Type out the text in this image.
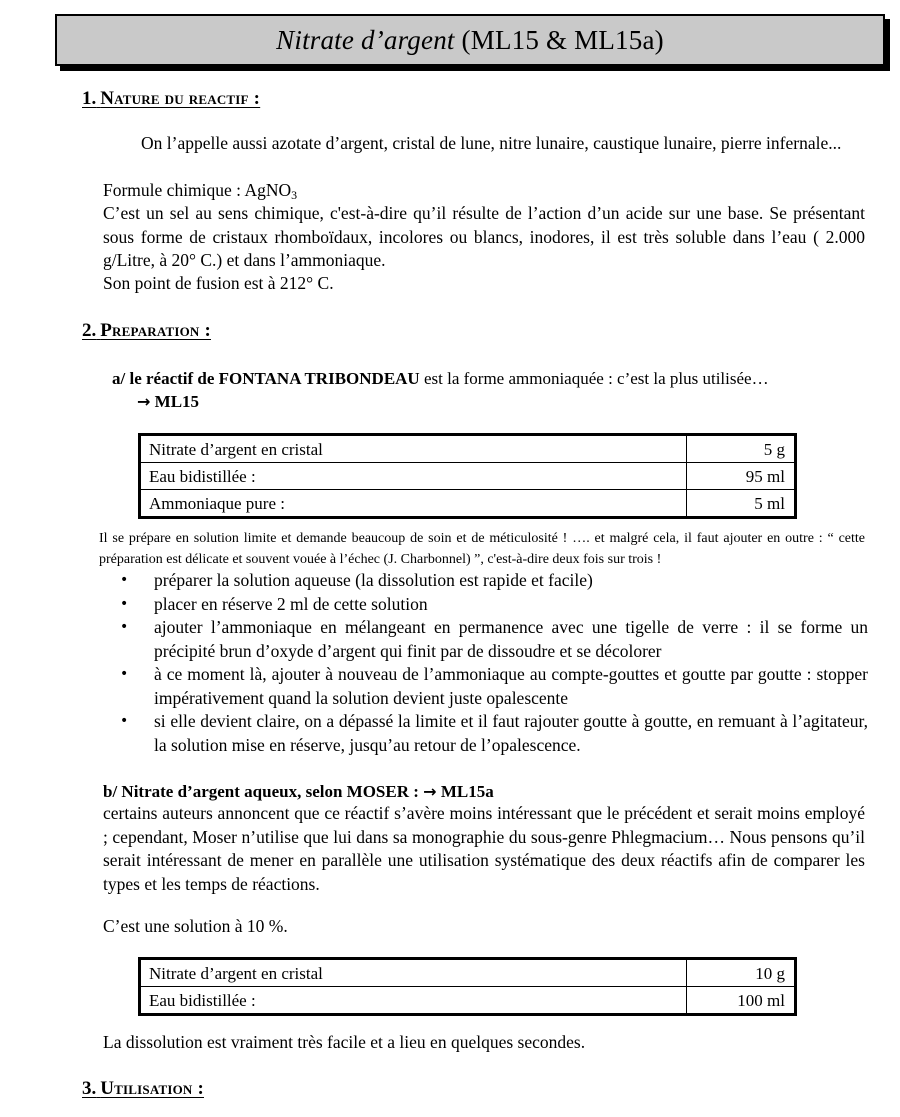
Nitrate d’argent (ML15 & ML15a)
1. Nature du reactif :
On l’appelle aussi azotate d’argent, cristal de lune, nitre lunaire, caustique lunaire, pierre infernale...
Formule chimique : AgNO$_3$
C’est un sel au sens chimique, c'est-à-dire qu’il résulte de l’action d’un acide sur une base. Se présentant sous forme de cristaux rhomboïdaux, incolores ou blancs, inodores, il est très soluble dans l’eau ( 2.000 g/Litre, à 20° C.) et dans l’ammoniaque.
Son point de fusion est à 212° C.
2. Preparation :
a/ le réactif de FONTANA TRIBONDEAU est la forme ammoniaquée : c’est la plus utilisée…
→ ML15
Nitrate d’argent en cristal	5 g
Eau bidistillée :	95 ml
Ammoniaque pure :	5 ml
Il se prépare en solution limite et demande beaucoup de soin et de méticulosité ! …. et malgré cela, il faut ajouter en outre : “ cette préparation est délicate et souvent vouée à l’échec (J. Charbonnel) ”, c'est-à-dire deux fois sur trois !
• préparer la solution aqueuse (la dissolution est rapide et facile)
• placer en réserve 2 ml de cette solution
• ajouter l’ammoniaque en mélangeant en permanence avec une tigelle de verre : il se forme un précipité brun d’oxyde d’argent qui finit par de dissoudre et se décolorer
• à ce moment là, ajouter à nouveau de l’ammoniaque au compte-gouttes et goutte par goutte : stopper impérativement quand la solution devient juste opalescente
• si elle devient claire, on a dépassé la limite et il faut rajouter goutte à goutte, en remuant à l’agitateur, la solution mise en réserve, jusqu’au retour de l’opalescence.
b/ Nitrate d’argent aqueux, selon MOSER : → ML15a
certains auteurs annoncent que ce réactif s’avère moins intéressant que le précédent et serait moins employé ; cependant, Moser n’utilise que lui dans sa monographie du sous-genre Phlegmacium… Nous pensons qu’il serait intéressant de mener en parallèle une utilisation systématique des deux réactifs afin de comparer les types et les temps de réactions.
C’est une solution à 10 %.
Nitrate d’argent en cristal	10 g
Eau bidistillée :	100 ml
La dissolution est vraiment très facile et a lieu en quelques secondes.
3. Utilisation :
